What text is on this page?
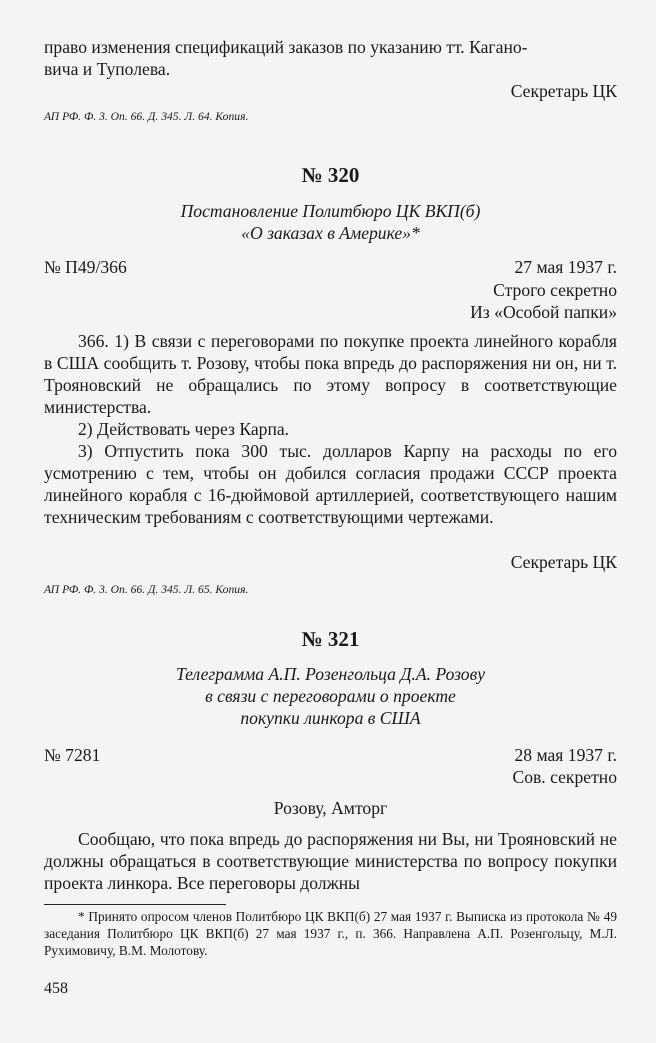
право изменения спецификаций заказов по указанию тт. Кагано-
вича и Туполева.
Секретарь ЦК
АП РФ. Ф. 3. Оп. 66. Д. 345. Л. 64. Копия.
№ 320
Постановление Политбюро ЦК ВКП(б)
«О заказах в Америке»*
№ П49/366	27 мая 1937 г.
Строго секретно
Из «Особой папки»
366. 1) В связи с переговорами по покупке проекта линейного корабля в США сообщить т. Розову, чтобы пока впредь до распоряжения ни он, ни т. Трояновский не обращались по этому вопросу в соответствующие министерства.
2) Действовать через Карпа.
3) Отпустить пока 300 тыс. долларов Карпу на расходы по его усмотрению с тем, чтобы он добился согласия продажи СССР проекта линейного корабля с 16-дюймовой артиллерией, соответствующего нашим техническим требованиям с соответствующими чертежами.
Секретарь ЦК
АП РФ. Ф. 3. Оп. 66. Д. 345. Л. 65. Копия.
№ 321
Телеграмма А.П. Розенгольца Д.А. Розову
в связи с переговорами о проекте
покупки линкора в США
№ 7281	28 мая 1937 г.
Сов. секретно
Розову, Амторг
Сообщаю, что пока впредь до распоряжения ни Вы, ни Трояновский не должны обращаться в соответствующие министерства по вопросу покупки проекта линкора. Все переговоры должны
* Принято опросом членов Политбюро ЦК ВКП(б) 27 мая 1937 г. Выписка из протокола № 49 заседания Политбюро ЦК ВКП(б) 27 мая 1937 г., п. 366. Направлена А.П. Розенгольцу, М.Л. Рухимовичу, В.М. Молотову.
458
